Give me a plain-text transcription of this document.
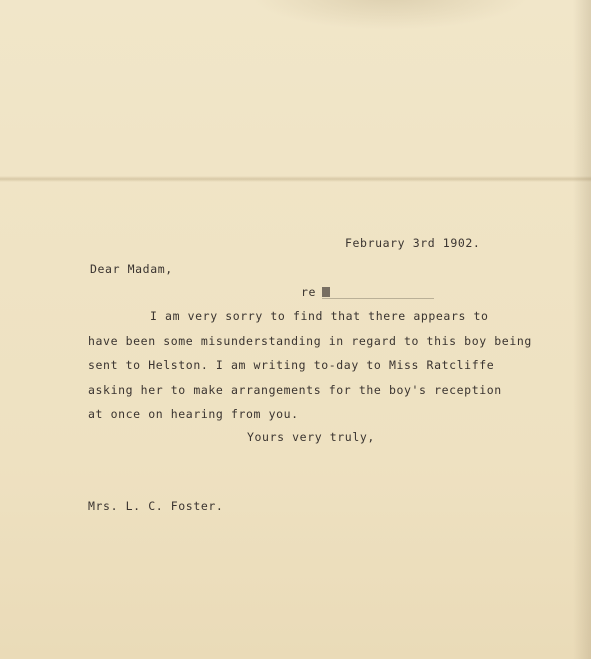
February 3rd 1902.
Dear Madam,
re
I am very sorry to find that there appears to
have been some misunderstanding in regard to this boy being
sent to Helston. I am writing to-day to Miss Ratcliffe
asking her to make arrangements for the boy's reception
at once on hearing from you.
Yours very truly,
Mrs. L. C. Foster.
